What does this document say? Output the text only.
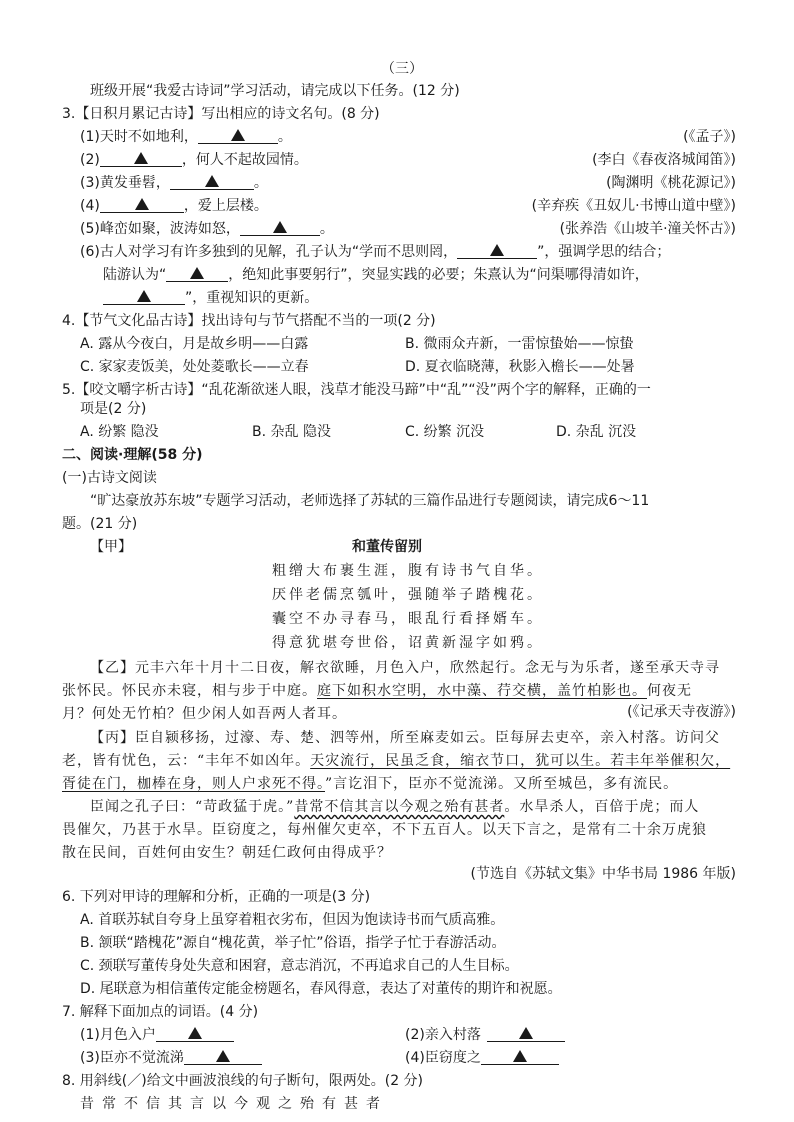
（三）
班级开展“我爱古诗词”学习活动，请完成以下任务。(12 分)
3.【日积月累记古诗】写出相应的诗文名句。(8 分)
(1)天时不如地利，	。	(《孟子》)
(2)	，何人不起故园情。	(李白《春夜洛城闻笛》)
(3)黄发垂髫，	。	(陶渊明《桃花源记》)
(4)	，爱上层楼。	(辛弃疾《丑奴儿·书博山道中壁》)
(5)峰峦如聚，波涛如怒，	。	(张养浩《山坡羊·潼关怀古》)
(6)古人对学习有许多独到的见解，孔子认为“学而不思则罔，	”，强调学思的结合；
陆游认为“	，绝知此事要躬行”，突显实践的必要；朱熹认为“问渠哪得清如许，
”，重视知识的更新。
4.【节气文化品古诗】找出诗句与节气搭配不当的一项(2 分)
A. 露从今夜白，月是故乡明——白露	B. 微雨众卉新，一雷惊蛰始——惊蛰
C. 家家麦饭美，处处菱歌长——立春	D. 夏衣临晓薄，秋影入檐长——处暑
5.【咬文嚼字析古诗】“乱花渐欲迷人眼，浅草才能没马蹄”中“乱”“没”两个字的解释，正确的一
项是(2 分)
A. 纷繁 隐没	B. 杂乱 隐没	C. 纷繁 沉没	D. 杂乱 沉没
二、阅读·理解(58 分)
(一)古诗文阅读
“旷达豪放苏东坡”专题学习活动，老师选择了苏轼的三篇作品进行专题阅读，请完成6～11
题。(21 分)
【甲】	和董传留别
粗缯大布裹生涯，腹有诗书气自华。
厌伴老儒烹瓠叶，强随举子踏槐花。
囊空不办寻春马，眼乱行看择婿车。
得意犹堪夸世俗，诏黄新湿字如鸦。
【乙】元丰六年十月十二日夜，解衣欲睡，月色入户，欣然起行。念无与为乐者，遂至承天寺寻
张怀民。怀民亦未寝，相与步于中庭。庭下如积水空明，水中藻、荇交横，盖竹柏影也。何夜无
月？何处无竹柏？但少闲人如吾两人者耳。	(《记承天寺夜游》)
【丙】臣自颍移扬，过濠、寿、楚、泗等州，所至麻麦如云。臣每屏去吏卒，亲入村落。访问父
老，皆有忧色，云：“丰年不如凶年。天灾流行，民虽乏食，缩衣节口，犹可以生。若丰年举催积欠，
胥徒在门，枷棒在身，则人户求死不得。”言讫泪下，臣亦不觉流涕。又所至城邑，多有流民。
臣闻之孔子曰：“苛政猛于虎。”昔常不信其言以今观之殆有甚者。水旱杀人，百倍于虎；而人
畏催欠，乃甚于水旱。臣窃度之，每州催欠吏卒，不下五百人。以天下言之，是常有二十余万虎狼
散在民间，百姓何由安生？朝廷仁政何由得成乎？
(节选自《苏轼文集》中华书局 1986 年版)
6. 下列对甲诗的理解和分析，正确的一项是(3 分)
A. 首联苏轼自夸身上虽穿着粗衣劣布，但因为饱读诗书而气质高雅。
B. 颔联“踏槐花”源自“槐花黄，举子忙”俗语，指学子忙于春游活动。
C. 颈联写董传身处失意和困窘，意志消沉，不再追求自己的人生目标。
D. 尾联意为相信董传定能金榜题名，春风得意，表达了对董传的期许和祝愿。
7. 解释下面加点的词语。(4 分)
(1)月色入户	(2)亲入村落
(3)臣亦不觉流涕	(4)臣窃度之
8. 用斜线(／)给文中画波浪线的句子断句，限两处。(2 分)
昔常不信其言以今观之殆有甚者
